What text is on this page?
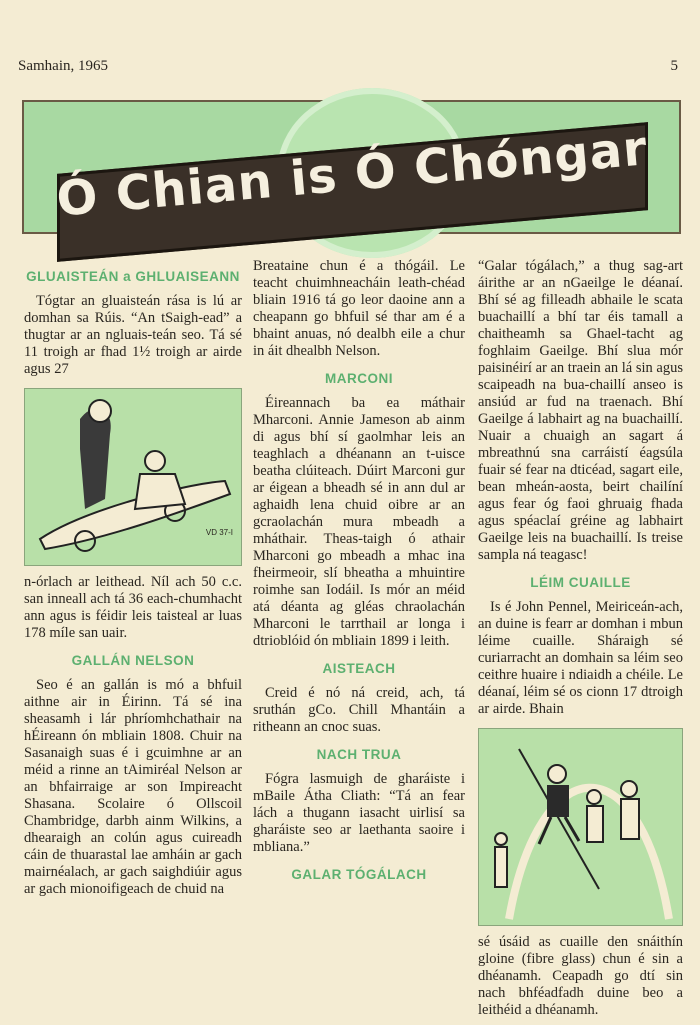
Samhain, 1965	5
Ó Chian is Ó Chóngar
GLUAISTEÁN a GHLUAISEANN

Tógtar an gluaisteán rása is lú ar domhan sa Rúis. “An tSaigh-ead” a thugtar ar an ngluais-teán seo. Tá sé 11 troigh ar fhad 1½ troigh ar airde agus 27

VD 37-I

n-órlach ar leithead. Níl ach 50 c.c. san inneall ach tá 36 each-chumhacht ann agus is féidir leis taisteal ar luas 178 míle san uair.

GALLÁN NELSON

Seo é an gallán is mó a bhfuil aithne air in Éirinn. Tá sé ina sheasamh i lár phríomhchathair na hÉireann ón mbliain 1808. Chuir na Sasanaigh suas é i gcuimhne ar an méid a rinne an tAimiréal Nelson ar an bhfairraige ar son Impireacht Shasana. Scolaire ó Ollscoil Chambridge, darbh ainm Wilkins, a dhearaigh an colún agus cuireadh cáin de thuarastal lae amháin ar gach mairnéalach, ar gach saighdiúir agus ar gach mionoifigeach de chuid na

Breataine chun é a thógáil. Le teacht chuimhneacháin leath-chéad bliain 1916 tá go leor daoine ann a cheapann go bhfuil sé thar am é a bhaint anuas, nó dealbh eile a chur in áit dhealbh Nelson.

MARCONI

Éireannach ba ea máthair Mharconi. Annie Jameson ab ainm di agus bhí sí gaolmhar leis an teaghlach a dhéanann an t-uisce beatha clúiteach. Dúirt Marconi gur ar éigean a bheadh sé in ann dul ar aghaidh lena chuid oibre ar an gcraolachán mura mbeadh a mháthair. Theas-taigh ó athair Mharconi go mbeadh a mhac ina fheirmeoir, slí bheatha a mhuintire roimhe san Iodáil. Is mór an méid atá déanta ag gléas chraolachán Mharconi le tarrthail ar longa i dtrioblóid ón mbliain 1899 i leith.

AISTEACH

Creid é nó ná creid, ach, tá sruthán gCo. Chill Mhantáin a ritheann an cnoc suas.

NACH TRUA

Fógra lasmuigh de gharáiste i mBaile Átha Cliath: “Tá an fear lách a thugann iasacht uirlisí sa gharáiste seo ar laethanta saoire i mbliana.”

GALAR TÓGÁLACH

“Galar tógálach,” a thug sag-art áirithe ar an nGaeilge le déanaí. Bhí sé ag filleadh abhaile le scata buachaillí a bhí tar éis tamall a chaitheamh sa Ghael-tacht ag foghlaim Gaeilge. Bhí slua mór paisinéirí ar an traein an lá sin agus scaipeadh na bua-chaillí anseo is ansiúd ar fud na traenach. Bhí Gaeilge á labhairt ag na buachaillí. Nuair a chuaigh an sagart á mbreathnú sna carráistí éagsúla fuair sé fear na dticéad, sagart eile, bean mheán-aosta, beirt chailíní agus fear óg faoi ghruaig fhada agus spéaclaí gréine ag labhairt Gaeilge leis na buachaillí. Is treise sampla ná teagasc!

LÉIM CUAILLE

Is é John Pennel, Meiriceán-ach, an duine is fearr ar domhan i mbun léime cuaille. Sháraigh sé curiarracht an domhain sa léim seo ceithre huaire i ndiaidh a chéile. Le déanaí, léim sé os cionn 17 dtroigh ar airde. Bhain

sé úsáid as cuaille den snáithín gloine (fibre glass) chun é sin a dhéanamh. Ceapadh go dtí sin nach bhféadfadh duine beo a leithéid a dhéanamh.
